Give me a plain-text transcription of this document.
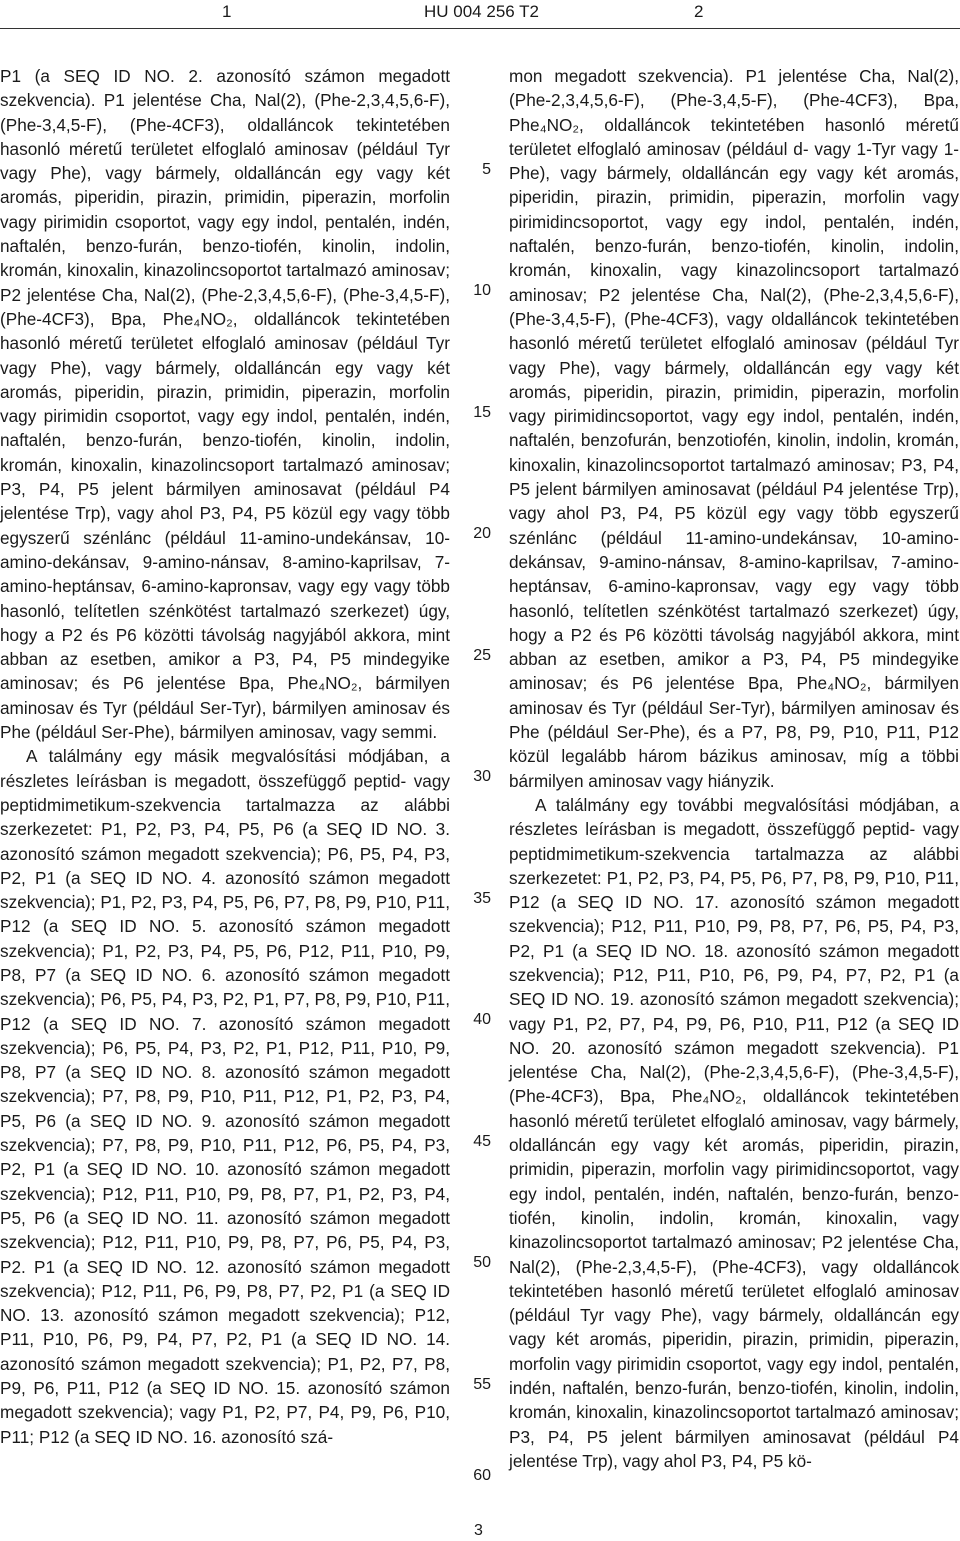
1	HU 004 256 T2	2

P1 (a SEQ ID NO. 2. azonosító számon megadott szekvencia). P1 jelentése Cha, Nal(2), (Phe-2,3,4,5,6-F), (Phe-3,4,5-F), (Phe-4CF3), oldalláncok tekintetében hasonló méretű területet elfoglaló aminosav (például Tyr vagy Phe), vagy bármely, oldalláncán egy vagy két aromás, piperidin, pirazin, primidin, piperazin, morfolin vagy pirimidin csoportot, vagy egy indol, pentalén, indén, naftalén, benzo-furán, benzo-tiofén, kinolin, indolin, kromán, kinoxalin, kinazolincsoportot tartalmazó aminosav; P2 jelentése Cha, Nal(2), (Phe-2,3,4,5,6-F), (Phe-3,4,5-F), (Phe-4CF3), Bpa, Phe₄NO₂, oldalláncok tekintetében hasonló méretű területet elfoglaló aminosav (például Tyr vagy Phe), vagy bármely, oldalláncán egy vagy két aromás, piperidin, pirazin, primidin, piperazin, morfolin vagy pirimidin csoportot, vagy egy indol, pentalén, indén, naftalén, benzo-furán, benzo-tiofén, kinolin, indolin, kromán, kinoxalin, kinazolincsoport tartalmazó aminosav; P3, P4, P5 jelent bármilyen aminosavat (például P4 jelentése Trp), vagy ahol P3, P4, P5 közül egy vagy több egyszerű szénlánc (például 11-amino-undekánsav, 10-amino-dekánsav, 9-amino-nánsav, 8-amino-kaprilsav, 7-amino-heptánsav, 6-amino-kapronsav, vagy egy vagy több hasonló, telítetlen szénkötést tartalmazó szerkezet) úgy, hogy a P2 és P6 közötti távolság nagyjából akkora, mint abban az esetben, amikor a P3, P4, P5 mindegyike aminosav; és P6 jelentése Bpa, Phe₄NO₂, bármilyen aminosav és Tyr (például Ser-Tyr), bármilyen aminosav és Phe (például Ser-Phe), bármilyen aminosav, vagy semmi.

A találmány egy másik megvalósítási módjában, a részletes leírásban is megadott, összefüggő peptid- vagy peptidmimetikum-szekvencia tartalmazza az alábbi szerkezetet: P1, P2, P3, P4, P5, P6 (a SEQ ID NO. 3. azonosító számon megadott szekvencia); P6, P5, P4, P3, P2, P1 (a SEQ ID NO. 4. azonosító számon megadott szekvencia); P1, P2, P3, P4, P5, P6, P7, P8, P9, P10, P11, P12 (a SEQ ID NO. 5. azonosító számon megadott szekvencia); P1, P2, P3, P4, P5, P6, P12, P11, P10, P9, P8, P7 (a SEQ ID NO. 6. azonosító számon megadott szekvencia); P6, P5, P4, P3, P2, P1, P7, P8, P9, P10, P11, P12 (a SEQ ID NO. 7. azonosító számon megadott szekvencia); P6, P5, P4, P3, P2, P1, P12, P11, P10, P9, P8, P7 (a SEQ ID NO. 8. azonosító számon megadott szekvencia); P7, P8, P9, P10, P11, P12, P1, P2, P3, P4, P5, P6 (a SEQ ID NO. 9. azonosító számon megadott szekvencia); P7, P8, P9, P10, P11, P12, P6, P5, P4, P3, P2, P1 (a SEQ ID NO. 10. azonosító számon megadott szekvencia); P12, P11, P10, P9, P8, P7, P1, P2, P3, P4, P5, P6 (a SEQ ID NO. 11. azonosító számon megadott szekvencia); P12, P11, P10, P9, P8, P7, P6, P5, P4, P3, P2. P1 (a SEQ ID NO. 12. azonosító számon megadott szekvencia); P12, P11, P6, P9, P8, P7, P2, P1 (a SEQ ID NO. 13. azonosító számon megadott szekvencia); P12, P11, P10, P6, P9, P4, P7, P2, P1 (a SEQ ID NO. 14. azonosító számon megadott szekvencia); P1, P2, P7, P8, P9, P6, P11, P12 (a SEQ ID NO. 15. azonosító számon megadott szekvencia); vagy P1, P2, P7, P4, P9, P6, P10, P11; P12 (a SEQ ID NO. 16. azonosító szá-

mon megadott szekvencia). P1 jelentése Cha, Nal(2), (Phe-2,3,4,5,6-F), (Phe-3,4,5-F), (Phe-4CF3), Bpa, Phe₄NO₂, oldalláncok tekintetében hasonló méretű területet elfoglaló aminosav (például d- vagy 1-Tyr vagy 1-Phe), vagy bármely, oldalláncán egy vagy két aromás, piperidin, pirazin, primidin, piperazin, morfolin vagy pirimidincsoportot, vagy egy indol, pentalén, indén, naftalén, benzo-furán, benzo-tiofén, kinolin, indolin, kromán, kinoxalin, vagy kinazolincsoport tartalmazó aminosav; P2 jelentése Cha, Nal(2), (Phe-2,3,4,5,6-F), (Phe-3,4,5-F), (Phe-4CF3), vagy oldalláncok tekintetében hasonló méretű területet elfoglaló aminosav (például Tyr vagy Phe), vagy bármely, oldalláncán egy vagy két aromás, piperidin, pirazin, primidin, piperazin, morfolin vagy pirimidincsoportot, vagy egy indol, pentalén, indén, naftalén, benzofurán, benzotiofén, kinolin, indolin, kromán, kinoxalin, kinazolincsoportot tartalmazó aminosav; P3, P4, P5 jelent bármilyen aminosavat (például P4 jelentése Trp), vagy ahol P3, P4, P5 közül egy vagy több egyszerű szénlánc (például 11-amino-undekánsav, 10-amino-dekánsav, 9-amino-nánsav, 8-amino-kaprilsav, 7-amino-heptánsav, 6-amino-kapronsav, vagy egy vagy több hasonló, telítetlen szénkötést tartalmazó szerkezet) úgy, hogy a P2 és P6 közötti távolság nagyjából akkora, mint abban az esetben, amikor a P3, P4, P5 mindegyike aminosav; és P6 jelentése Bpa, Phe₄NO₂, bármilyen aminosav és Tyr (például Ser-Tyr), bármilyen aminosav és Phe (például Ser-Phe), és a P7, P8, P9, P10, P11, P12 közül legalább három bázikus aminosav, míg a többi bármilyen aminosav vagy hiányzik.

A találmány egy további megvalósítási módjában, a részletes leírásban is megadott, összefüggő peptid- vagy peptidmimetikum-szekvencia tartalmazza az alábbi szerkezetet: P1, P2, P3, P4, P5, P6, P7, P8, P9, P10, P11, P12 (a SEQ ID NO. 17. azonosító számon megadott szekvencia); P12, P11, P10, P9, P8, P7, P6, P5, P4, P3, P2, P1 (a SEQ ID NO. 18. azonosító számon megadott szekvencia); P12, P11, P10, P6, P9, P4, P7, P2, P1 (a SEQ ID NO. 19. azonosító számon megadott szekvencia); vagy P1, P2, P7, P4, P9, P6, P10, P11, P12 (a SEQ ID NO. 20. azonosító számon megadott szekvencia). P1 jelentése Cha, Nal(2), (Phe-2,3,4,5,6-F), (Phe-3,4,5-F), (Phe-4CF3), Bpa, Phe₄NO₂, oldalláncok tekintetében hasonló méretű területet elfoglaló aminosav, vagy bármely, oldalláncán egy vagy két aromás, piperidin, pirazin, primidin, piperazin, morfolin vagy pirimidincsoportot, vagy egy indol, pentalén, indén, naftalén, benzo-furán, benzo-tiofén, kinolin, indolin, kromán, kinoxalin, vagy kinazolincsoportot tartalmazó aminosav; P2 jelentése Cha, Nal(2), (Phe-2,3,4,5-F), (Phe-4CF3), vagy oldalláncok tekintetében hasonló méretű területet elfoglaló aminosav (például Tyr vagy Phe), vagy bármely, oldalláncán egy vagy két aromás, piperidin, pirazin, primidin, piperazin, morfolin vagy pirimidin csoportot, vagy egy indol, pentalén, indén, naftalén, benzo-furán, benzo-tiofén, kinolin, indolin, kromán, kinoxalin, kinazolincsoportot tartalmazó aminosav; P3, P4, P5 jelent bármilyen aminosavat (például P4 jelentése Trp), vagy ahol P3, P4, P5 kö-

5
10
15
20
25
30
35
40
45
50
55
60
3
